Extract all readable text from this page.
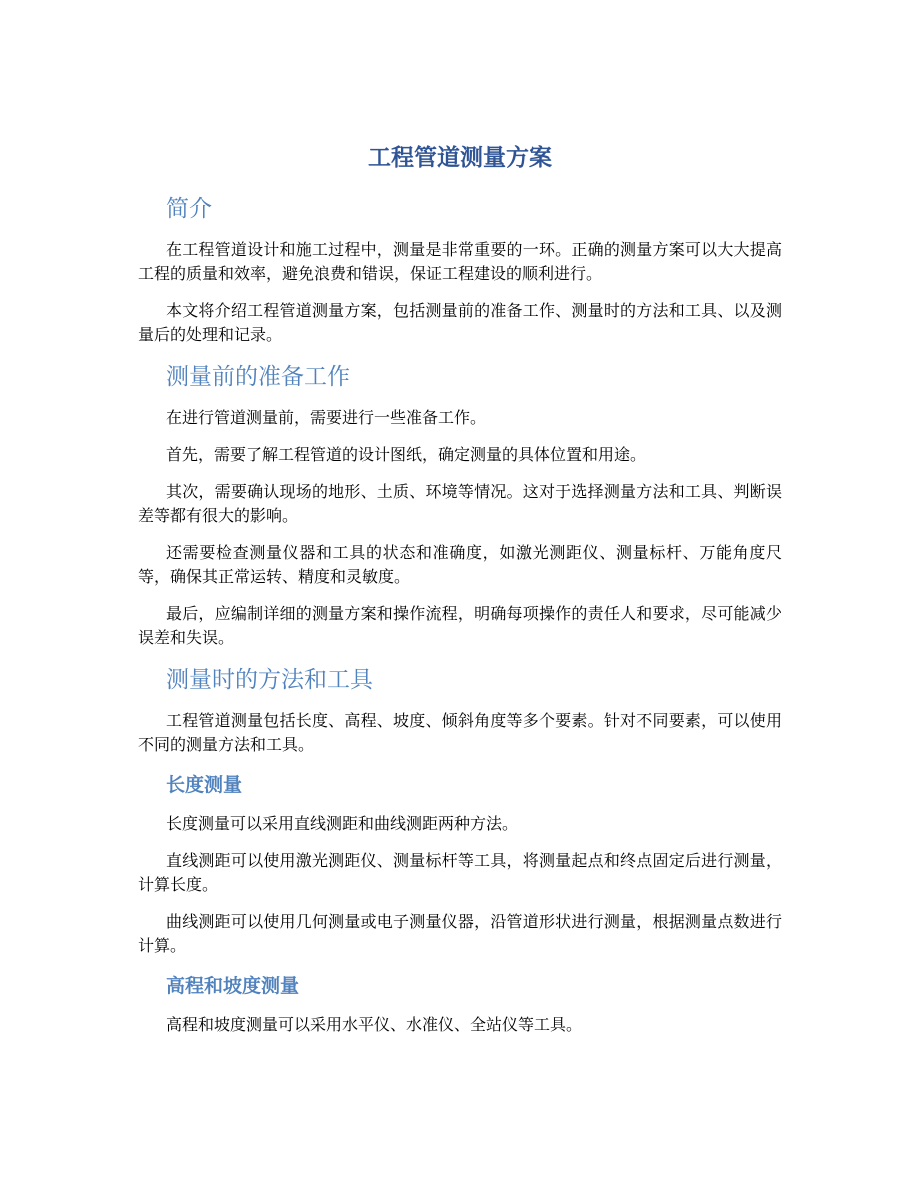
工程管道测量方案
简介

在工程管道设计和施工过程中，测量是非常重要的一环。正确的测量方案可以大大提高工程的质量和效率，避免浪费和错误，保证工程建设的顺利进行。

本文将介绍工程管道测量方案，包括测量前的准备工作、测量时的方法和工具、以及测量后的处理和记录。

测量前的准备工作

在进行管道测量前，需要进行一些准备工作。

首先，需要了解工程管道的设计图纸，确定测量的具体位置和用途。

其次，需要确认现场的地形、土质、环境等情况。这对于选择测量方法和工具、判断误差等都有很大的影响。

还需要检查测量仪器和工具的状态和准确度，如激光测距仪、测量标杆、万能角度尺等，确保其正常运转、精度和灵敏度。

最后，应编制详细的测量方案和操作流程，明确每项操作的责任人和要求，尽可能减少误差和失误。

测量时的方法和工具

工程管道测量包括长度、高程、坡度、倾斜角度等多个要素。针对不同要素，可以使用不同的测量方法和工具。

长度测量

长度测量可以采用直线测距和曲线测距两种方法。

直线测距可以使用激光测距仪、测量标杆等工具，将测量起点和终点固定后进行测量，计算长度。

曲线测距可以使用几何测量或电子测量仪器，沿管道形状进行测量，根据测量点数进行计算。

高程和坡度测量

高程和坡度测量可以采用水平仪、水准仪、全站仪等工具。
